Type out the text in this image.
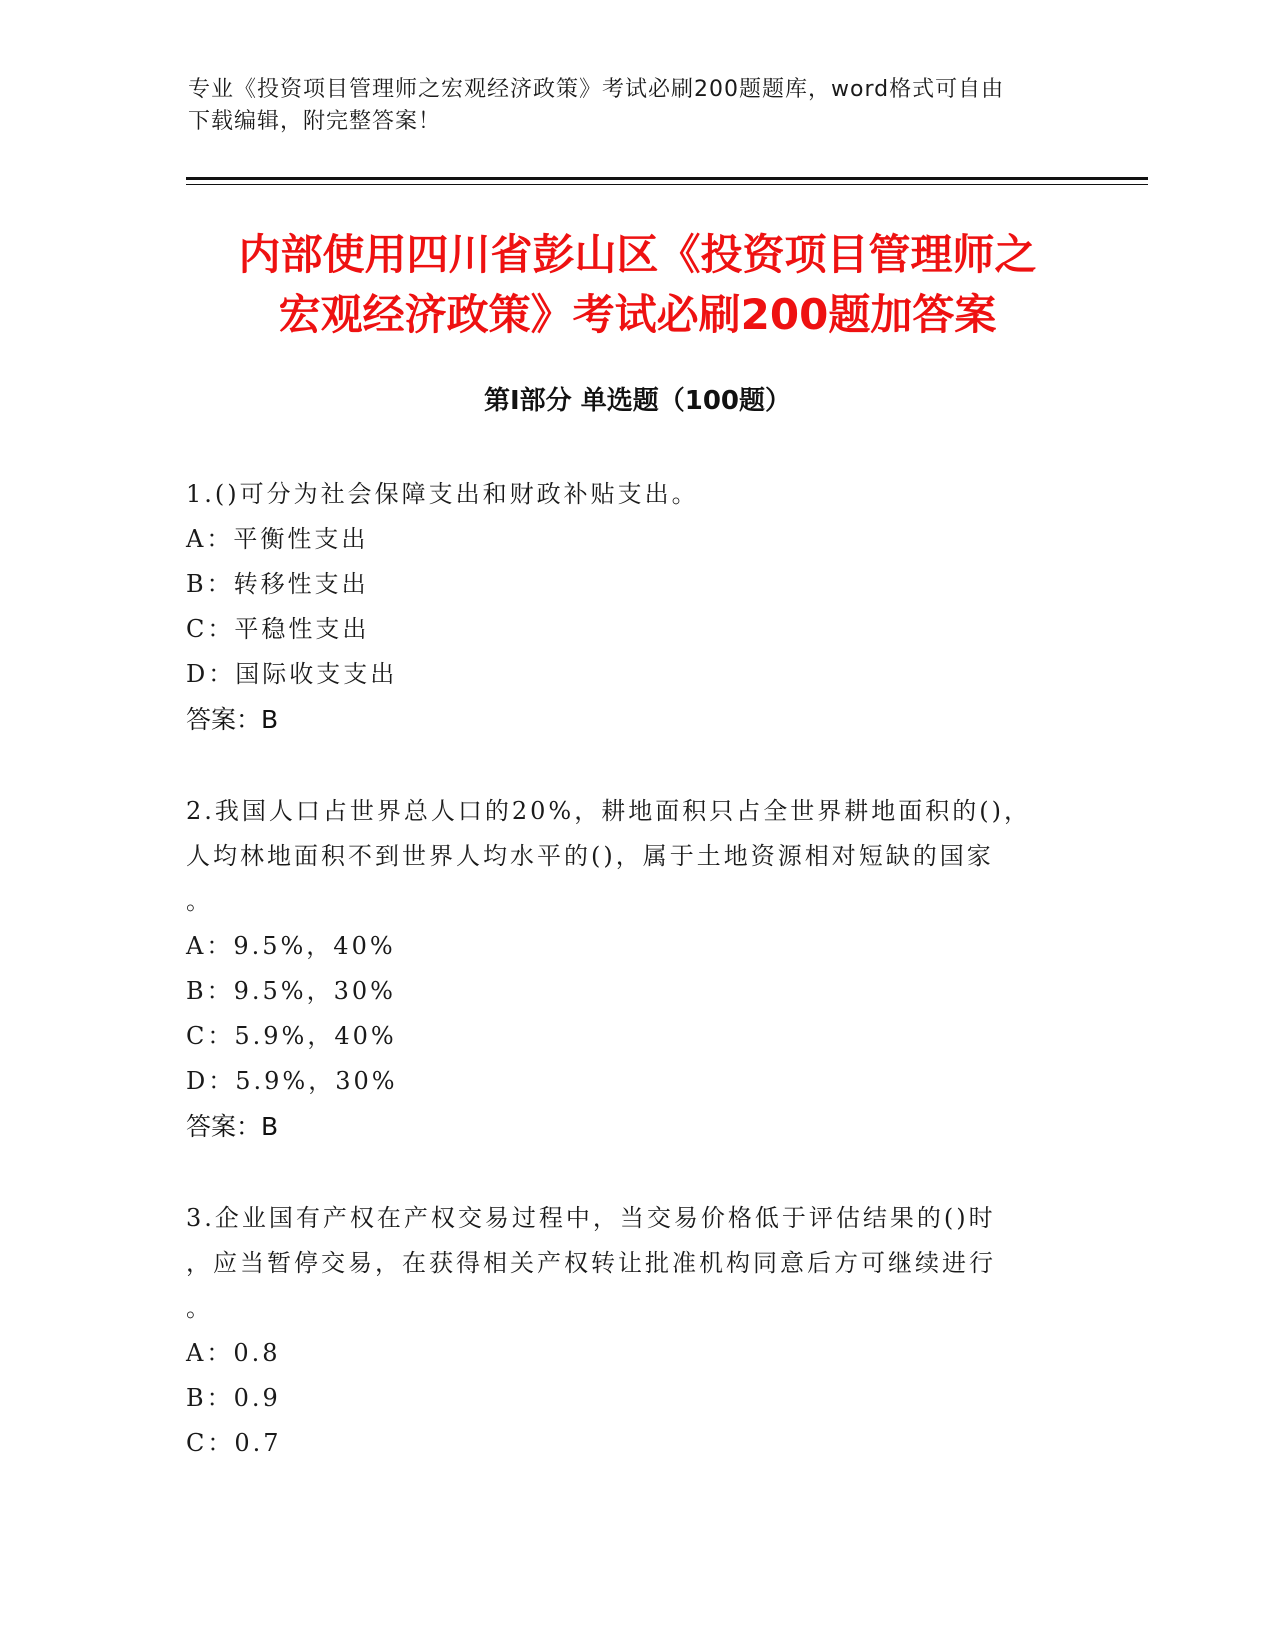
专业《投资项目管理师之宏观经济政策》考试必刷200题题库，word格式可自由
下载编辑，附完整答案！
内部使用四川省彭山区《投资项目管理师之
宏观经济政策》考试必刷200题加答案
第Ⅰ部分 单选题（100题）
1.()可分为社会保障支出和财政补贴支出。
A：平衡性支出
B：转移性支出
C：平稳性支出
D：国际收支支出
答案：B
2.我国人口占世界总人口的20%，耕地面积只占全世界耕地面积的()，
人均林地面积不到世界人均水平的()，属于土地资源相对短缺的国家
。
A：9.5%，40%
B：9.5%，30%
C：5.9%，40%
D：5.9%，30%
答案：B
3.企业国有产权在产权交易过程中，当交易价格低于评估结果的()时
，应当暂停交易，在获得相关产权转让批准机构同意后方可继续进行
。
A：0.8
B：0.9
C：0.7
